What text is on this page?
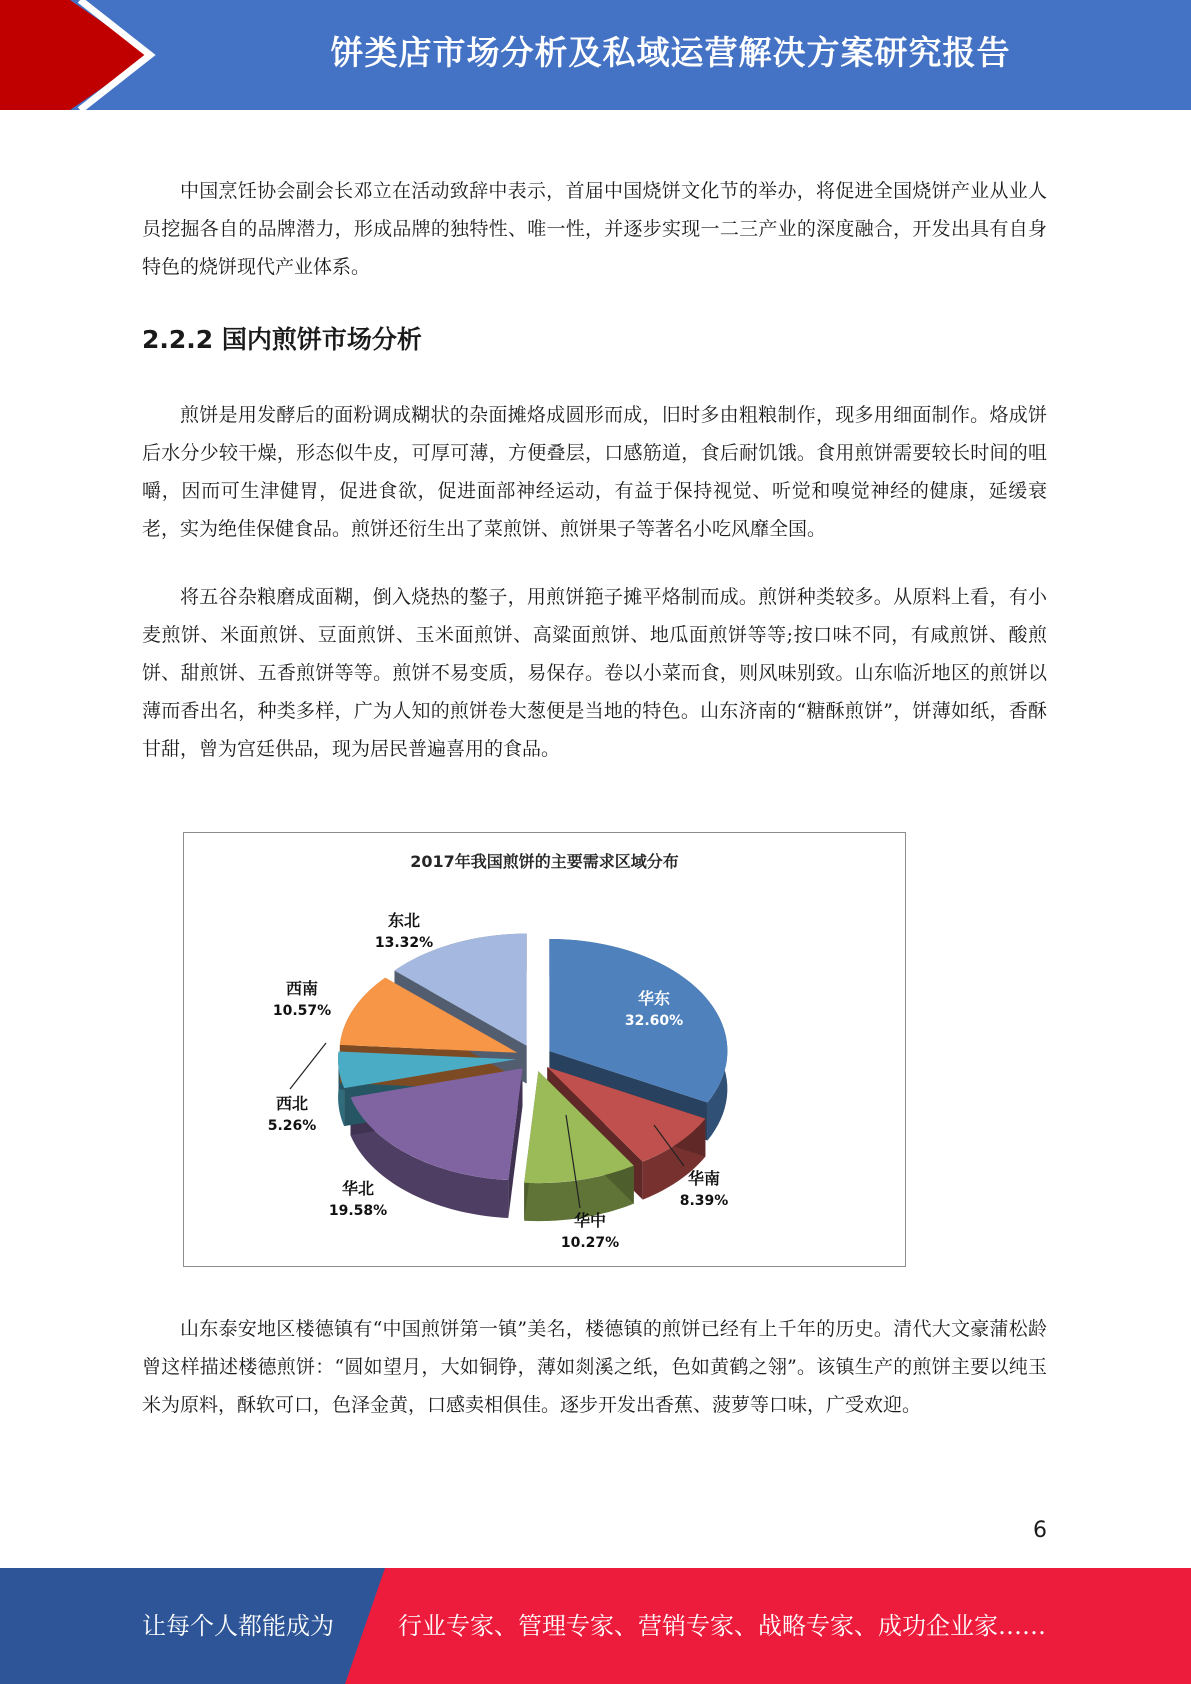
饼类店市场分析及私域运营解决方案研究报告

中国烹饪协会副会长邓立在活动致辞中表示，首届中国烧饼文化节的举办，将促进全国烧饼产业从业人员挖掘各自的品牌潜力，形成品牌的独特性、唯一性，并逐步实现一二三产业的深度融合，开发出具有自身特色的烧饼现代产业体系。

2.2.2 国内煎饼市场分析

煎饼是用发酵后的面粉调成糊状的杂面摊烙成圆形而成，旧时多由粗粮制作，现多用细面制作。烙成饼后水分少较干燥，形态似牛皮，可厚可薄，方便叠层，口感筋道，食后耐饥饿。食用煎饼需要较长时间的咀嚼，因而可生津健胃，促进食欲，促进面部神经运动，有益于保持视觉、听觉和嗅觉神经的健康，延缓衰老，实为绝佳保健食品。煎饼还衍生出了菜煎饼、煎饼果子等著名小吃风靡全国。

将五谷杂粮磨成面糊，倒入烧热的鏊子，用煎饼筢子摊平烙制而成。煎饼种类较多。从原料上看，有小麦煎饼、米面煎饼、豆面煎饼、玉米面煎饼、高粱面煎饼、地瓜面煎饼等等;按口味不同，有咸煎饼、酸煎饼、甜煎饼、五香煎饼等等。煎饼不易变质，易保存。卷以小菜而食，则风味别致。山东临沂地区的煎饼以薄而香出名，种类多样，广为人知的煎饼卷大葱便是当地的特色。山东济南的“糖酥煎饼”，饼薄如纸，香酥甘甜，曾为宫廷供品，现为居民普遍喜用的食品。

2017年我国煎饼的主要需求区域分布
华东
32.60%
华南
8.39%
华中
10.27%
华北
19.58%
西北
5.26%
西南
10.57%
东北
13.32%

山东泰安地区楼德镇有“中国煎饼第一镇”美名，楼德镇的煎饼已经有上千年的历史。清代大文豪蒲松龄曾这样描述楼德煎饼：“圆如望月，大如铜铮，薄如剡溪之纸，色如黄鹤之翎”。该镇生产的煎饼主要以纯玉米为原料，酥软可口，色泽金黄，口感卖相俱佳。逐步开发出香蕉、菠萝等口味，广受欢迎。

6
让每个人都能成为	行业专家、管理专家、营销专家、战略专家、成功企业家……
